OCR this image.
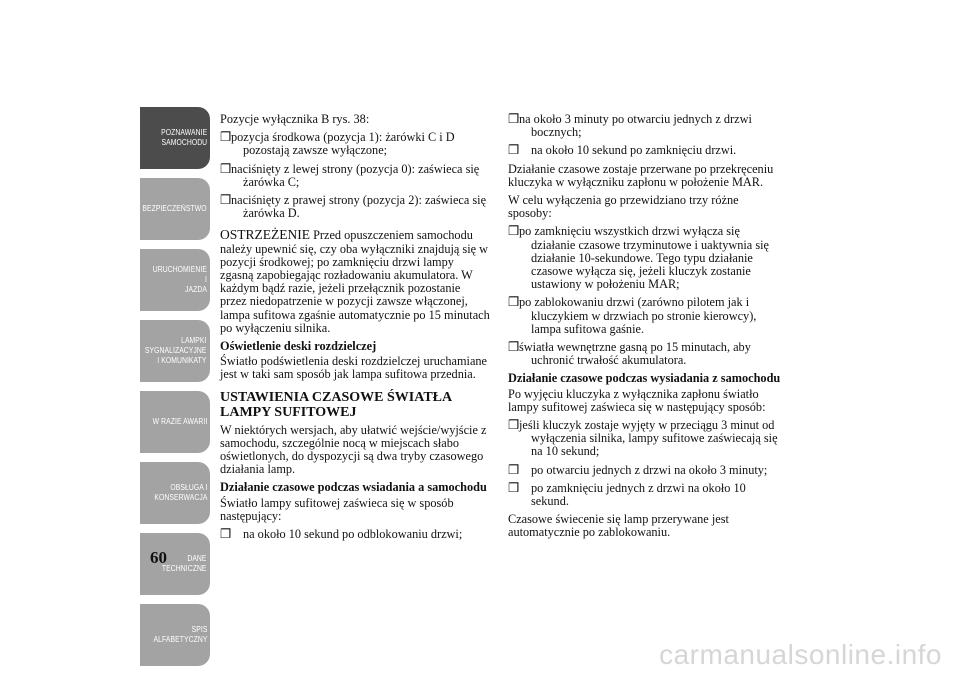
POZNAWANIE
SAMOCHODU
BEZPIECZEŃSTWO
URUCHOMIENIE I
JAZDA
LAMPKI
SYGNALIZACYJNE
I KOMUNIKATY
W RAZIE AWARII
OBSŁUGA I
KONSERWACJA
DANE
TECHNICZNE
SPIS
ALFABETYCZNY
60

Pozycje wyłącznika B rys. 38:

❒ pozycja środkowa (pozycja 1): żarówki C i D pozostają zawsze wyłączone;
❒ naciśnięty z lewej strony (pozycja 0): zaświeca się żarówka C;
❒ naciśnięty z prawej strony (pozycja 2): zaświeca się żarówka D.

OSTRZEŻENIE Przed opuszczeniem samochodu należy upewnić się, czy oba wyłączniki znajdują się w pozycji środkowej; po zamknięciu drzwi lampy zgasną zapobiegając rozładowaniu akumulatora. W każdym bądź razie, jeżeli przełącznik pozostanie przez niedopatrzenie w pozycji zawsze włączonej, lampa sufitowa zgaśnie automatycznie po 15 minutach po wyłączeniu silnika.

Oświetlenie deski rozdzielczej

Światło podświetlenia deski rozdzielczej uruchamiane jest w taki sam sposób jak lampa sufitowa przednia.

USTAWIENIA CZASOWE ŚWIATŁA LAMPY SUFITOWEJ

W niektórych wersjach, aby ułatwić wejście/wyjście z samochodu, szczególnie nocą w miejscach słabo oświetlonych, do dyspozycji są dwa tryby czasowego działania lamp.

Działanie czasowe podczas wsiadania a samochodu

Światło lampy sufitowej zaświeca się w sposób następujący:

❒ na około 10 sekund po odblokowaniu drzwi;
❒ na około 3 minuty po otwarciu jednych z drzwi bocznych;
❒ na około 10 sekund po zamknięciu drzwi.

Działanie czasowe zostaje przerwane po przekręceniu kluczyka w wyłączniku zapłonu w położenie MAR.

W celu wyłączenia go przewidziano trzy różne sposoby:

❒ po zamknięciu wszystkich drzwi wyłącza się działanie czasowe trzyminutowe i uaktywnia się działanie 10-sekundowe. Tego typu działanie czasowe wyłącza się, jeżeli kluczyk zostanie ustawiony w położeniu MAR;
❒ po zablokowaniu drzwi (zarówno pilotem jak i kluczykiem w drzwiach po stronie kierowcy), lampa sufitowa gaśnie.
❒ światła wewnętrzne gasną po 15 minutach, aby uchronić trwałość akumulatora.
Działanie czasowe podczas wysiadania z samochodu

Po wyjęciu kluczyka z wyłącznika zapłonu światło lampy sufitowej zaświeca się w następujący sposób:

❒ jeśli kluczyk zostaje wyjęty w przeciągu 3 minut od wyłączenia silnika, lampy sufitowe zaświecają się na 10 sekund;
❒ po otwarciu jednych z drzwi na około 3 minuty;
❒ po zamknięciu jednych z drzwi na około 10 sekund.

Czasowe świecenie się lamp przerywane jest automatycznie po zablokowaniu.

carmanualsonline.info
